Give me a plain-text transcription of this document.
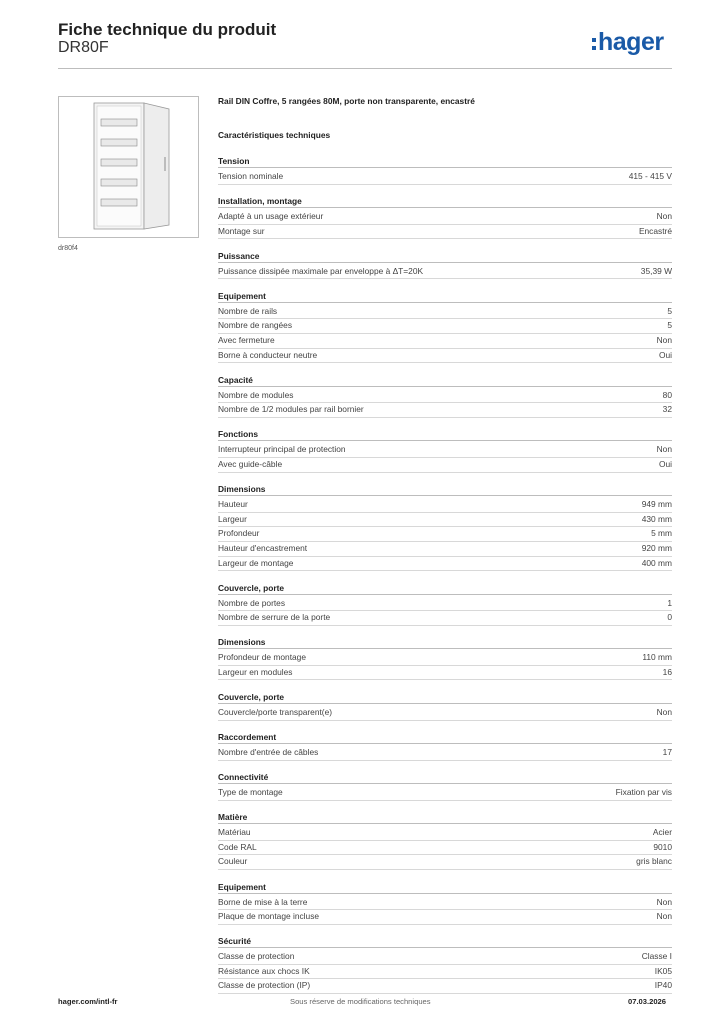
Fiche technique du produit
DR80F	hager
dr80f4
Rail DIN Coffre, 5 rangées 80M, porte non transparente, encastré
Caractéristiques techniques
Tension
Tension nominale	415 - 415 V
Installation, montage
Adapté à un usage extérieur	Non
Montage sur	Encastré
Puissance
Puissance dissipée maximale par enveloppe à ΔT=20K	35,39 W
Equipement
Nombre de rails	5
Nombre de rangées	5
Avec fermeture	Non
Borne à conducteur neutre	Oui
Capacité
Nombre de modules	80
Nombre de 1/2 modules par rail bornier	32
Fonctions
Interrupteur principal de protection	Non
Avec guide-câble	Oui
Dimensions
Hauteur	949 mm
Largeur	430 mm
Profondeur	5 mm
Hauteur d'encastrement	920 mm
Largeur de montage	400 mm
Couvercle, porte
Nombre de portes	1
Nombre de serrure de la porte	0
Dimensions
Profondeur de montage	110 mm
Largeur en modules	16
Couvercle, porte
Couvercle/porte transparent(e)	Non
Raccordement
Nombre d'entrée de câbles	17
Connectivité
Type de montage	Fixation par vis
Matière
Matériau	Acier
Code RAL	9010
Couleur	gris blanc
Equipement
Borne de mise à la terre	Non
Plaque de montage incluse	Non
Sécurité
Classe de protection	Classe I
Résistance aux chocs IK	IK05
Classe de protection (IP)	IP40
hager.com/intl-fr	Sous réserve de modifications techniques	07.03.2026
